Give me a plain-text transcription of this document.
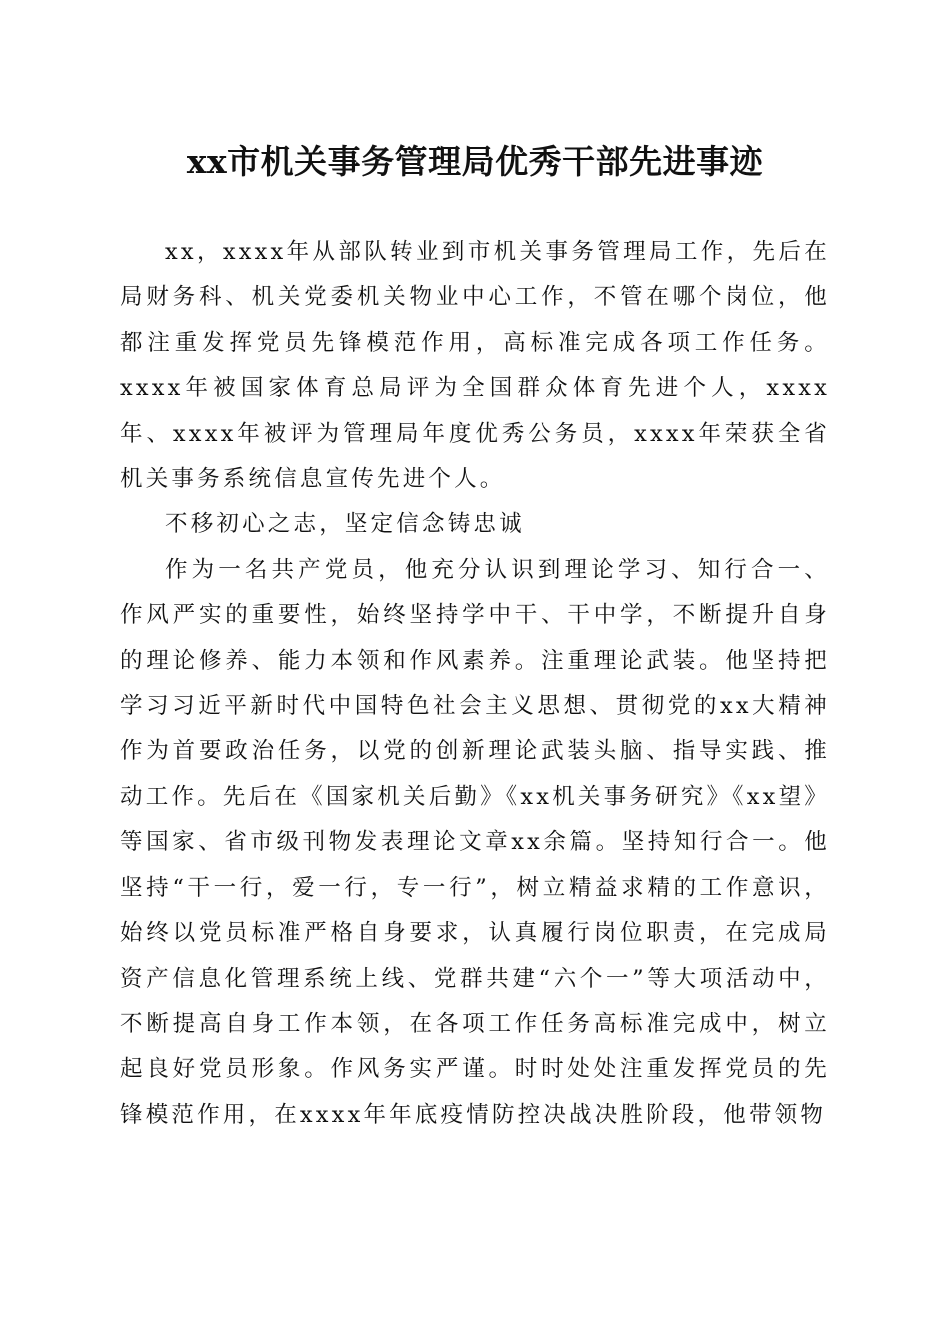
xx市机关事务管理局优秀干部先进事迹

xx，xxxx年从部队转业到市机关事务管理局工作，先后在局财务科、机关党委机关物业中心工作，不管在哪个岗位，他都注重发挥党员先锋模范作用，高标准完成各项工作任务。xxxx年被国家体育总局评为全国群众体育先进个人，xxxx年、xxxx年被评为管理局年度优秀公务员，xxxx年荣获全省机关事务系统信息宣传先进个人。

不移初心之志，坚定信念铸忠诚

作为一名共产党员，他充分认识到理论学习、知行合一、作风严实的重要性，始终坚持学中干、干中学，不断提升自身的理论修养、能力本领和作风素养。注重理论武装。他坚持把学习习近平新时代中国特色社会主义思想、贯彻党的xx大精神作为首要政治任务，以党的创新理论武装头脑、指导实践、推动工作。先后在《国家机关后勤》《xx机关事务研究》《xx望》等国家、省市级刊物发表理论文章xx余篇。坚持知行合一。他坚持“干一行，爱一行，专一行”，树立精益求精的工作意识，始终以党员标准严格自身要求，认真履行岗位职责，在完成局资产信息化管理系统上线、党群共建“六个一”等大项活动中，不断提高自身工作本领，在各项工作任务高标准完成中，树立起良好党员形象。作风务实严谨。时时处处注重发挥党员的先锋模范作用，在xxxx年年底疫情防控决战决胜阶段，他带领物
